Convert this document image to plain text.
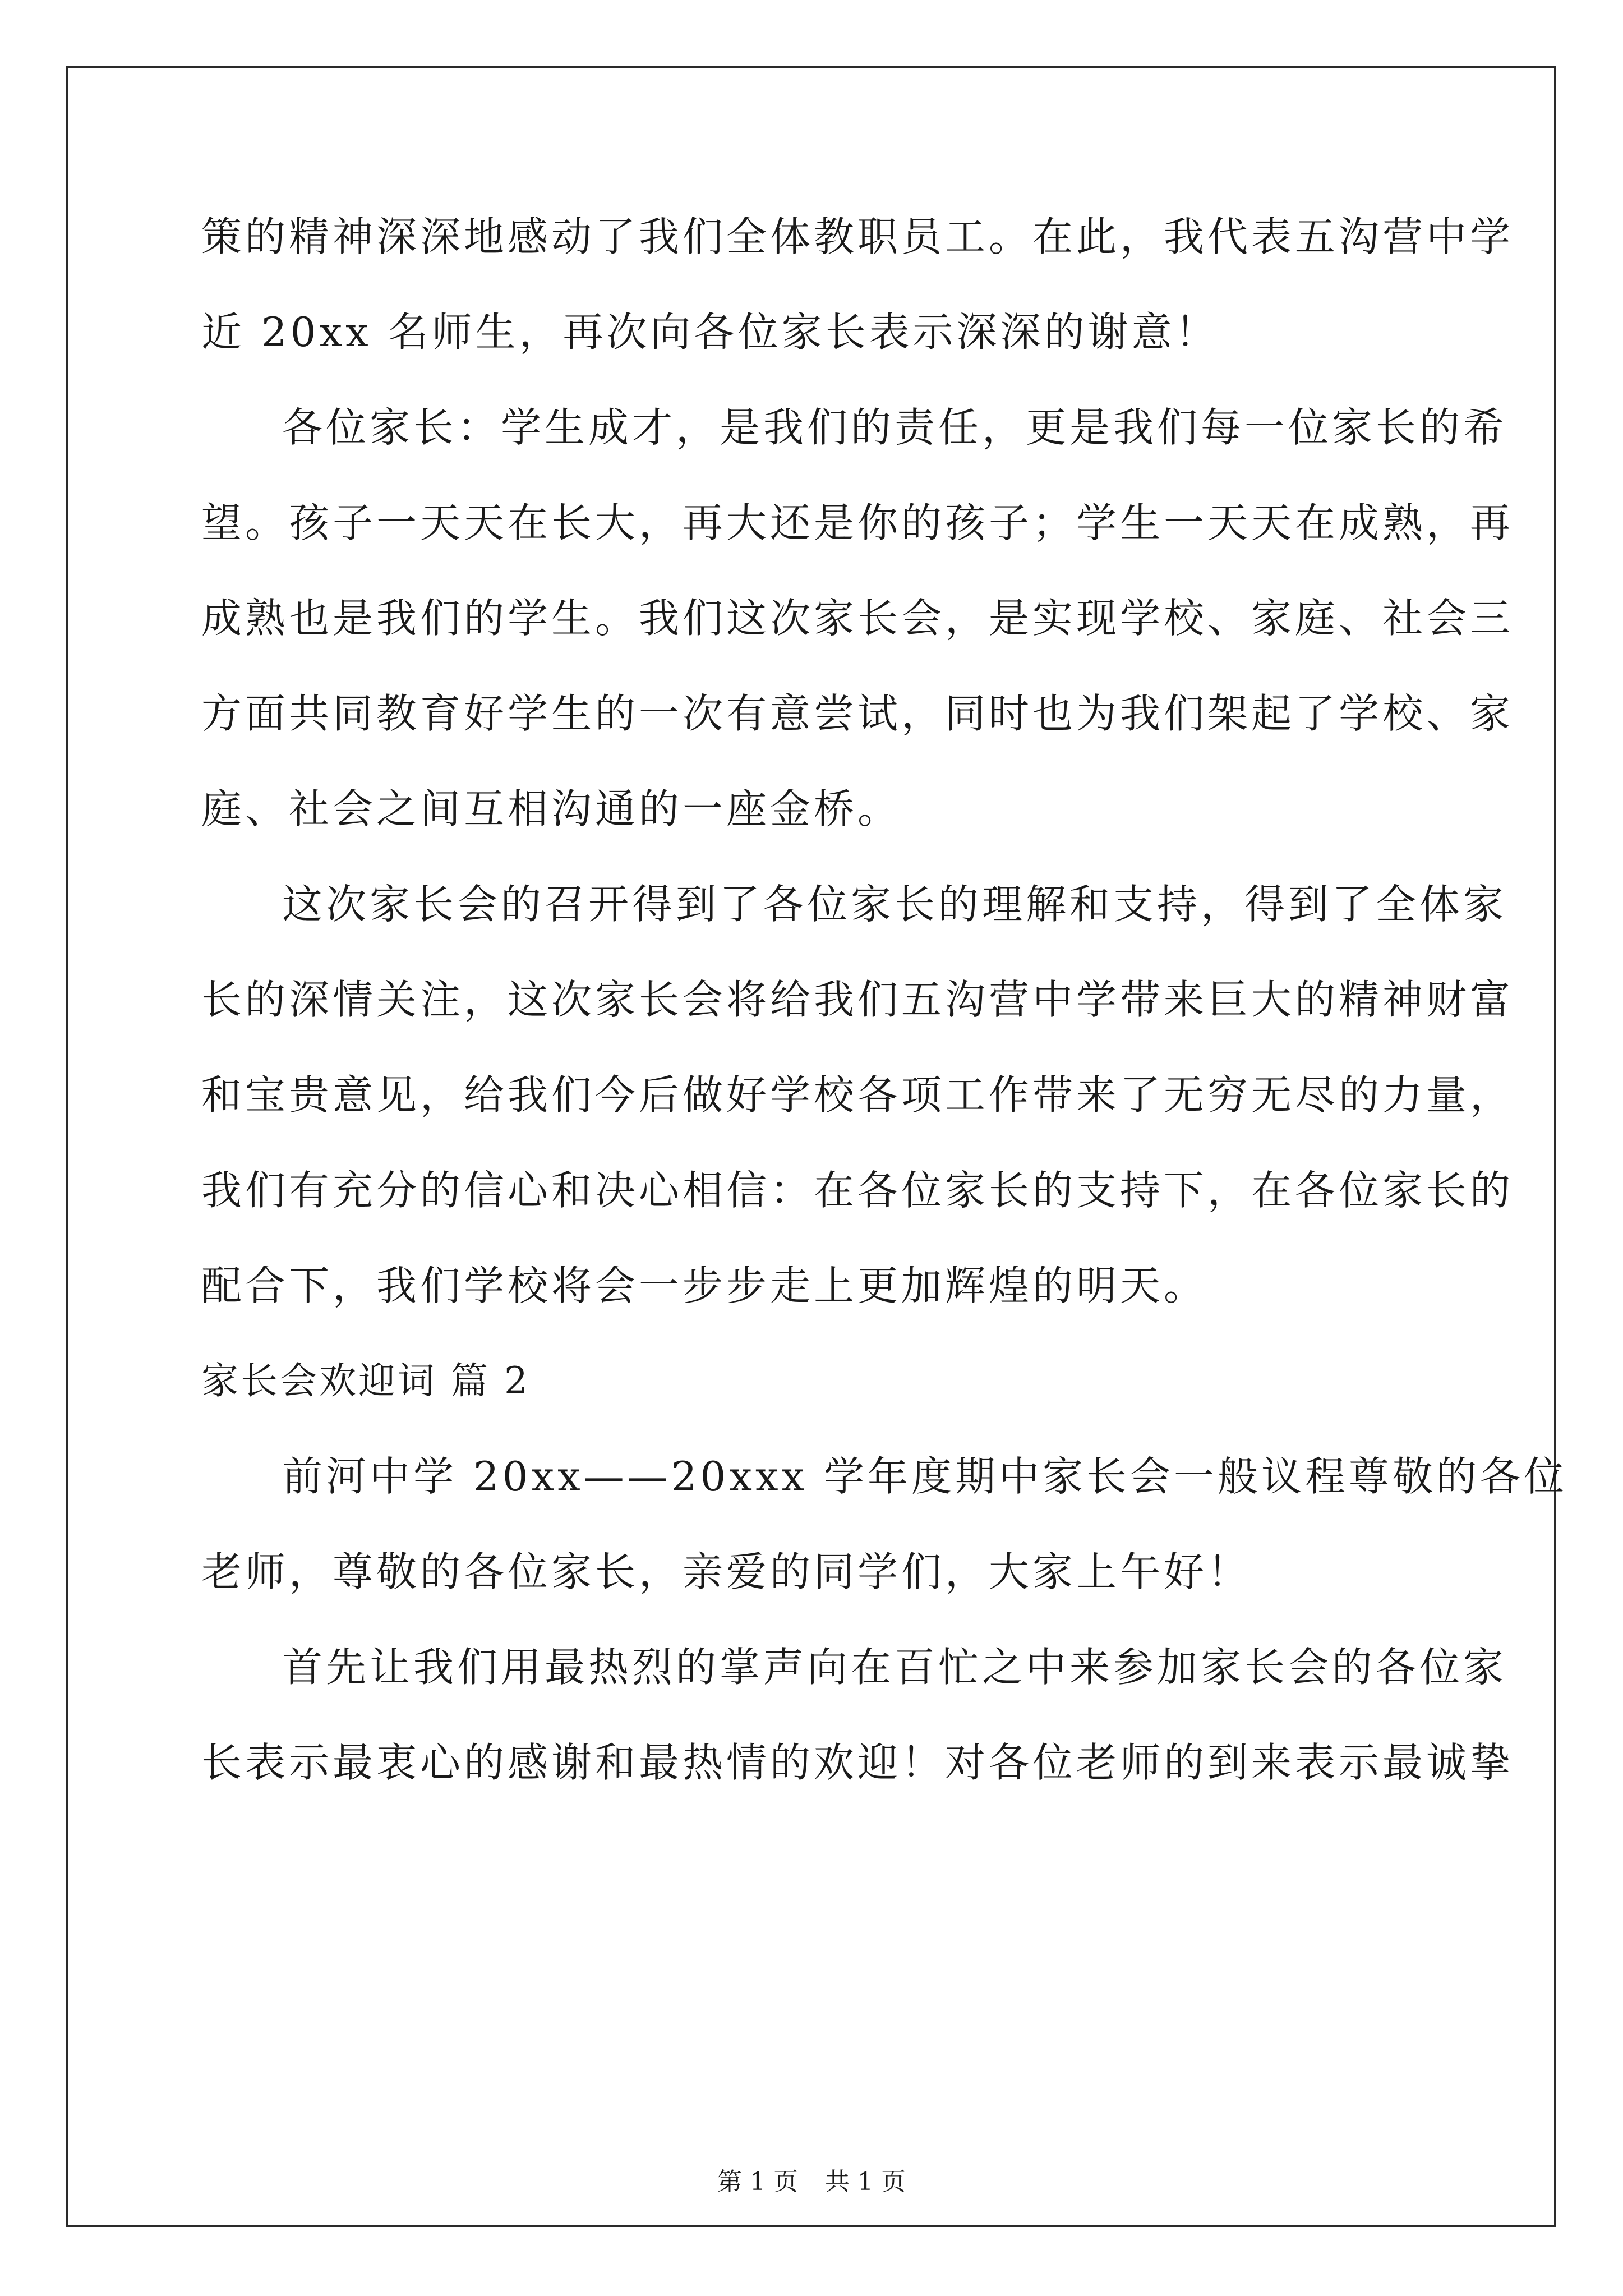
策的精神深深地感动了我们全体教职员工。在此，我代表五沟营中学
近 20xx 名师生，再次向各位家长表示深深的谢意！
各位家长：学生成才，是我们的责任，更是我们每一位家长的希
望。孩子一天天在长大，再大还是你的孩子；学生一天天在成熟，再
成熟也是我们的学生。我们这次家长会，是实现学校、家庭、社会三
方面共同教育好学生的一次有意尝试，同时也为我们架起了学校、家
庭、社会之间互相沟通的一座金桥。
这次家长会的召开得到了各位家长的理解和支持，得到了全体家
长的深情关注，这次家长会将给我们五沟营中学带来巨大的精神财富
和宝贵意见，给我们今后做好学校各项工作带来了无穷无尽的力量，
我们有充分的信心和决心相信：在各位家长的支持下，在各位家长的
配合下，我们学校将会一步步走上更加辉煌的明天。
家长会欢迎词 篇 2
前河中学 20xx——20xxx 学年度期中家长会一般议程尊敬的各位
老师，尊敬的各位家长，亲爱的同学们，大家上午好！
首先让我们用最热烈的掌声向在百忙之中来参加家长会的各位家
长表示最衷心的感谢和最热情的欢迎！对各位老师的到来表示最诚挚
第 1 页 共 1 页
